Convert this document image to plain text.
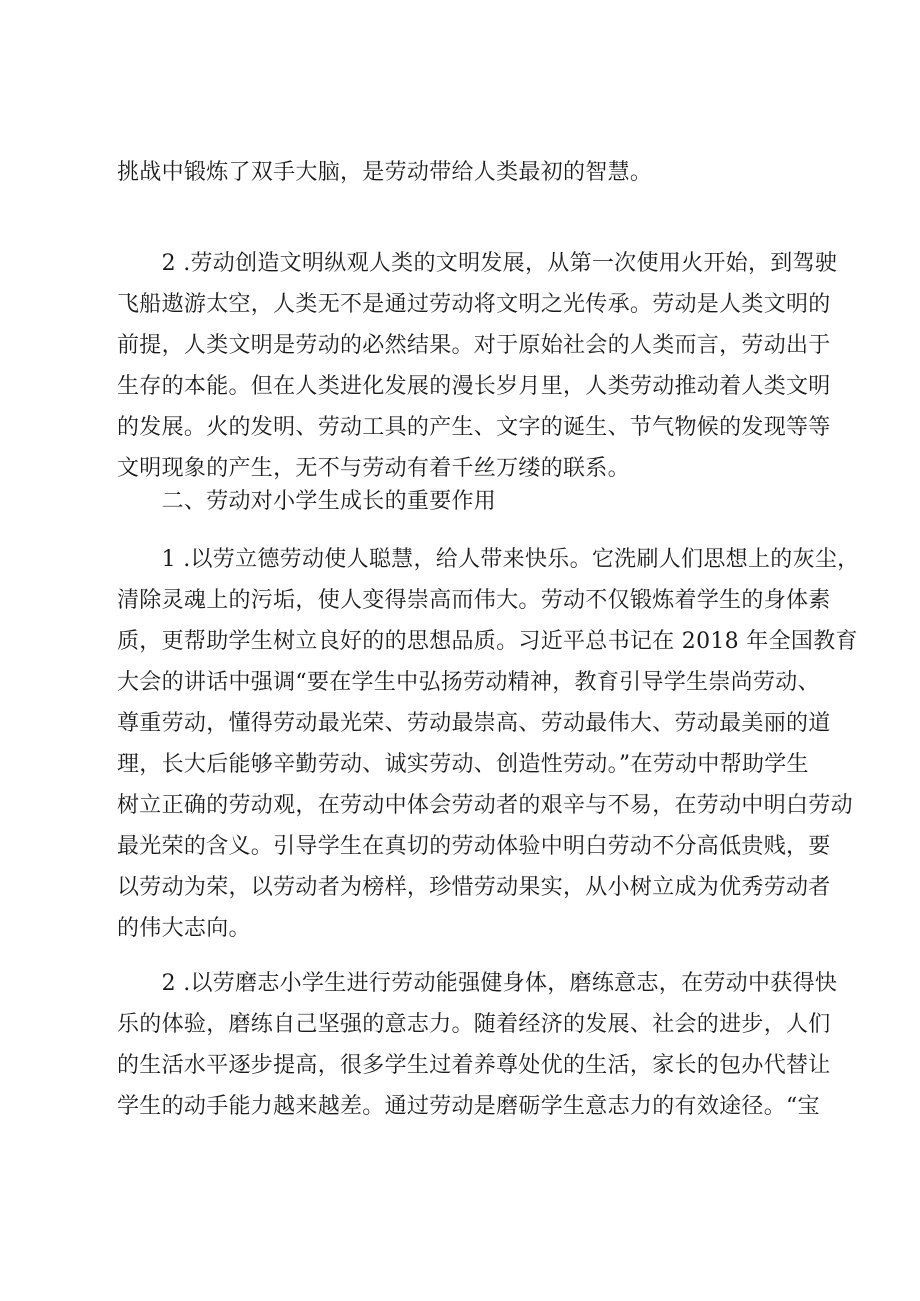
挑战中锻炼了双手大脑，是劳动带给人类最初的智慧。
　　2 .劳动创造文明纵观人类的文明发展，从第一次使用火开始，到驾驶
飞船遨游太空，人类无不是通过劳动将文明之光传承。劳动是人类文明的
前提，人类文明是劳动的必然结果。对于原始社会的人类而言，劳动出于
生存的本能。但在人类进化发展的漫长岁月里，人类劳动推动着人类文明
的发展。火的发明、劳动工具的产生、文字的诞生、节气物候的发现等等
文明现象的产生，无不与劳动有着千丝万缕的联系。
　　二、劳动对小学生成长的重要作用
　　1 .以劳立德劳动使人聪慧，给人带来快乐。它洗刷人们思想上的灰尘，
清除灵魂上的污垢，使人变得崇高而伟大。劳动不仅锻炼着学生的身体素
质，更帮助学生树立良好的的思想品质。习近平总书记在 2018 年全国教育
大会的讲话中强调“要在学生中弘扬劳动精神，教育引导学生崇尚劳动、
尊重劳动，懂得劳动最光荣、劳动最崇高、劳动最伟大、劳动最美丽的道
理，长大后能够辛勤劳动、诚实劳动、创造性劳动。”在劳动中帮助学生
树立正确的劳动观，在劳动中体会劳动者的艰辛与不易，在劳动中明白劳动
最光荣的含义。引导学生在真切的劳动体验中明白劳动不分高低贵贱，要
以劳动为荣，以劳动者为榜样，珍惜劳动果实，从小树立成为优秀劳动者
的伟大志向。
　　2 .以劳磨志小学生进行劳动能强健身体，磨练意志，在劳动中获得快
乐的体验，磨练自己坚强的意志力。随着经济的发展、社会的进步，人们
的生活水平逐步提高，很多学生过着养尊处优的生活，家长的包办代替让
学生的动手能力越来越差。通过劳动是磨砺学生意志力的有效途径。“宝
